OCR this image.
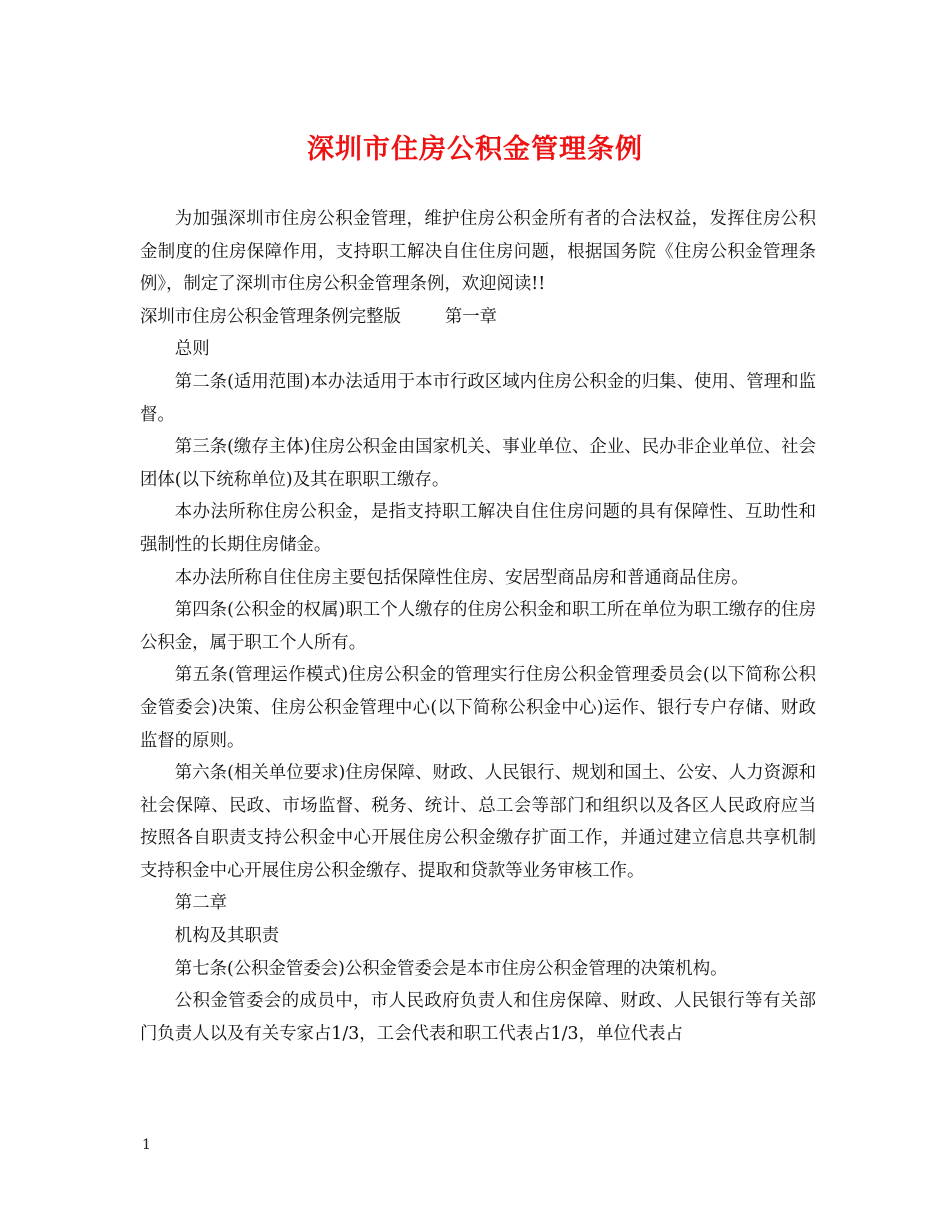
深圳市住房公积金管理条例

为加强深圳市住房公积金管理，维护住房公积金所有者的合法权益，发挥住房公积金制度的住房保障作用，支持职工解决自住住房问题，根据国务院《住房公积金管理条例》，制定了深圳市住房公积金管理条例，欢迎阅读!!

深圳市住房公积金管理条例完整版	第一章

总则

第二条(适用范围)本办法适用于本市行政区域内住房公积金的归集、使用、管理和监督。

第三条(缴存主体)住房公积金由国家机关、事业单位、企业、民办非企业单位、社会团体(以下统称单位)及其在职职工缴存。

本办法所称住房公积金，是指支持职工解决自住住房问题的具有保障性、互助性和强制性的长期住房储金。

本办法所称自住住房主要包括保障性住房、安居型商品房和普通商品住房。

第四条(公积金的权属)职工个人缴存的住房公积金和职工所在单位为职工缴存的住房公积金，属于职工个人所有。

第五条(管理运作模式)住房公积金的管理实行住房公积金管理委员会(以下简称公积金管委会)决策、住房公积金管理中心(以下简称公积金中心)运作、银行专户存储、财政监督的原则。

第六条(相关单位要求)住房保障、财政、人民银行、规划和国土、公安、人力资源和社会保障、民政、市场监督、税务、统计、总工会等部门和组织以及各区人民政府应当按照各自职责支持公积金中心开展住房公积金缴存扩面工作，并通过建立信息共享机制支持积金中心开展住房公积金缴存、提取和贷款等业务审核工作。

第二章

机构及其职责

第七条(公积金管委会)公积金管委会是本市住房公积金管理的决策机构。

公积金管委会的成员中，市人民政府负责人和住房保障、财政、人民银行等有关部门负责人以及有关专家占1/3，工会代表和职工代表占1/3，单位代表占

1
